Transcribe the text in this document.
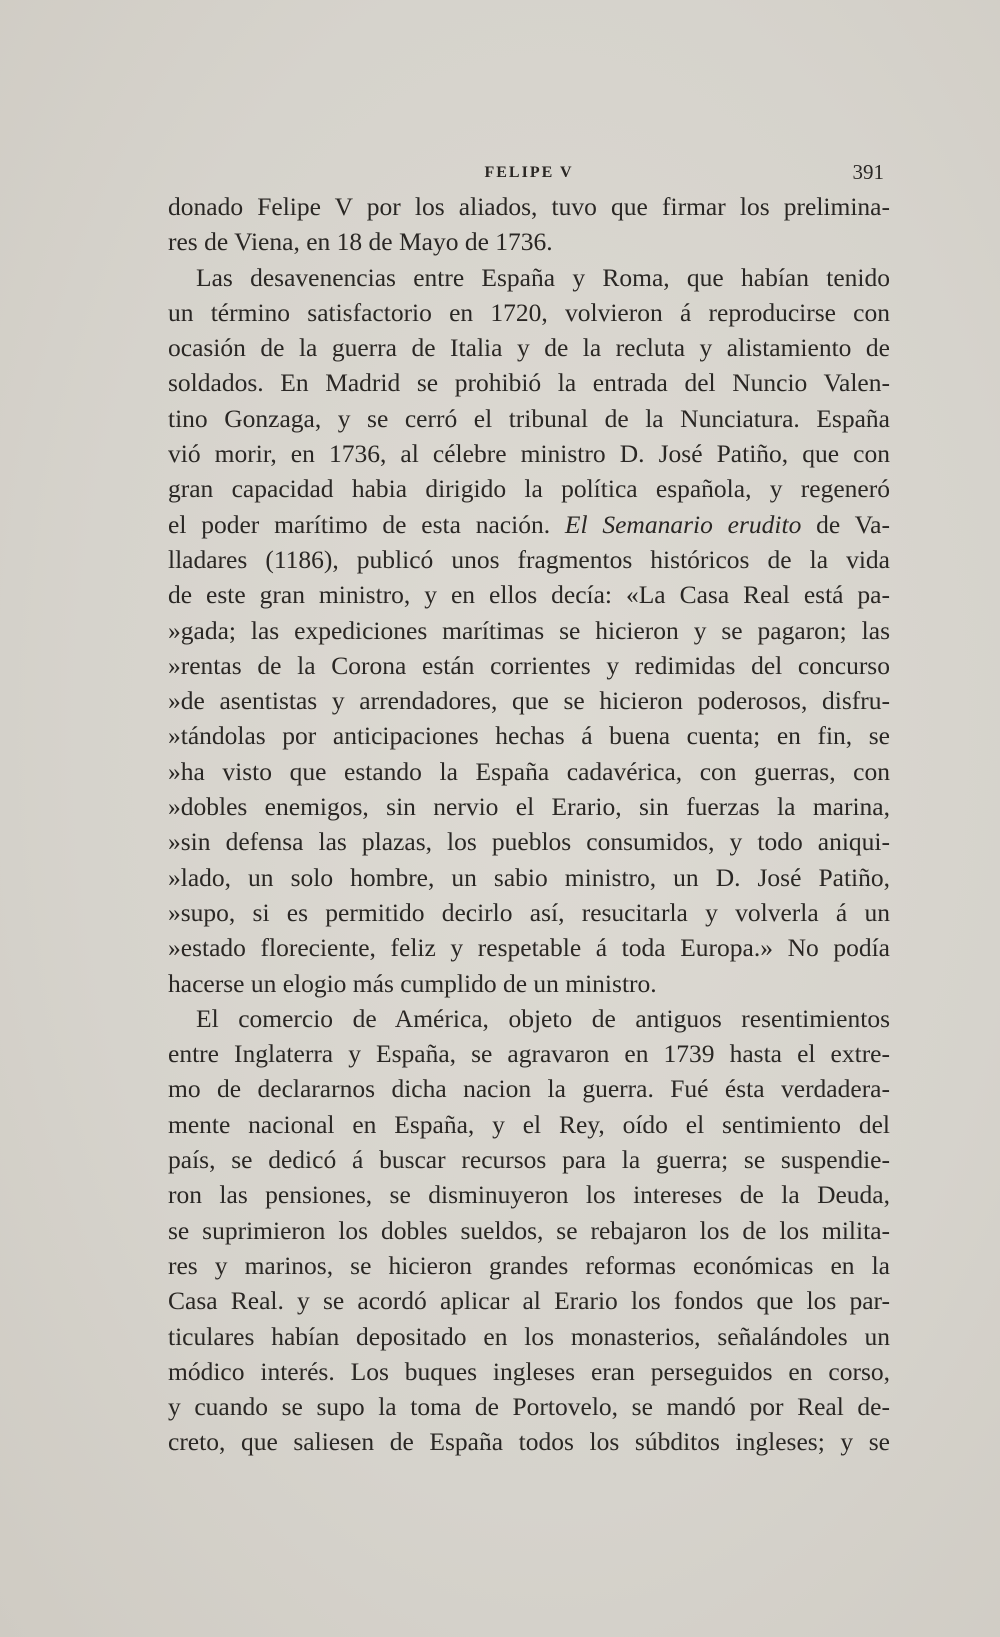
FELIPE V	391
donado Felipe V por los aliados, tuvo que firmar los prelimina-
res de Viena, en 18 de Mayo de 1736.
Las desavenencias entre España y Roma, que habían tenido
un término satisfactorio en 1720, volvieron á reproducirse con
ocasión de la guerra de Italia y de la recluta y alistamiento de
soldados. En Madrid se prohibió la entrada del Nuncio Valen-
tino Gonzaga, y se cerró el tribunal de la Nunciatura. España
vió morir, en 1736, al célebre ministro D. José Patiño, que con
gran capacidad habia dirigido la política española, y regeneró
el poder marítimo de esta nación. El Semanario erudito de Va-
lladares (1186), publicó unos fragmentos históricos de la vida
de este gran ministro, y en ellos decía: «La Casa Real está pa-
»gada; las expediciones marítimas se hicieron y se pagaron; las
»rentas de la Corona están corrientes y redimidas del concurso
»de asentistas y arrendadores, que se hicieron poderosos, disfru-
»tándolas por anticipaciones hechas á buena cuenta; en fin, se
»ha visto que estando la España cadavérica, con guerras, con
»dobles enemigos, sin nervio el Erario, sin fuerzas la marina,
»sin defensa las plazas, los pueblos consumidos, y todo aniqui-
»lado, un solo hombre, un sabio ministro, un D. José Patiño,
»supo, si es permitido decirlo así, resucitarla y volverla á un
»estado floreciente, feliz y respetable á toda Europa.» No podía
hacerse un elogio más cumplido de un ministro.
El comercio de América, objeto de antiguos resentimientos
entre Inglaterra y España, se agravaron en 1739 hasta el extre-
mo de declararnos dicha nacion la guerra. Fué ésta verdadera-
mente nacional en España, y el Rey, oído el sentimiento del
país, se dedicó á buscar recursos para la guerra; se suspendie-
ron las pensiones, se disminuyeron los intereses de la Deuda,
se suprimieron los dobles sueldos, se rebajaron los de los milita-
res y marinos, se hicieron grandes reformas económicas en la
Casa Real. y se acordó aplicar al Erario los fondos que los par-
ticulares habían depositado en los monasterios, señalándoles un
módico interés. Los buques ingleses eran perseguidos en corso,
y cuando se supo la toma de Portovelo, se mandó por Real de-
creto, que saliesen de España todos los súbditos ingleses; y se
